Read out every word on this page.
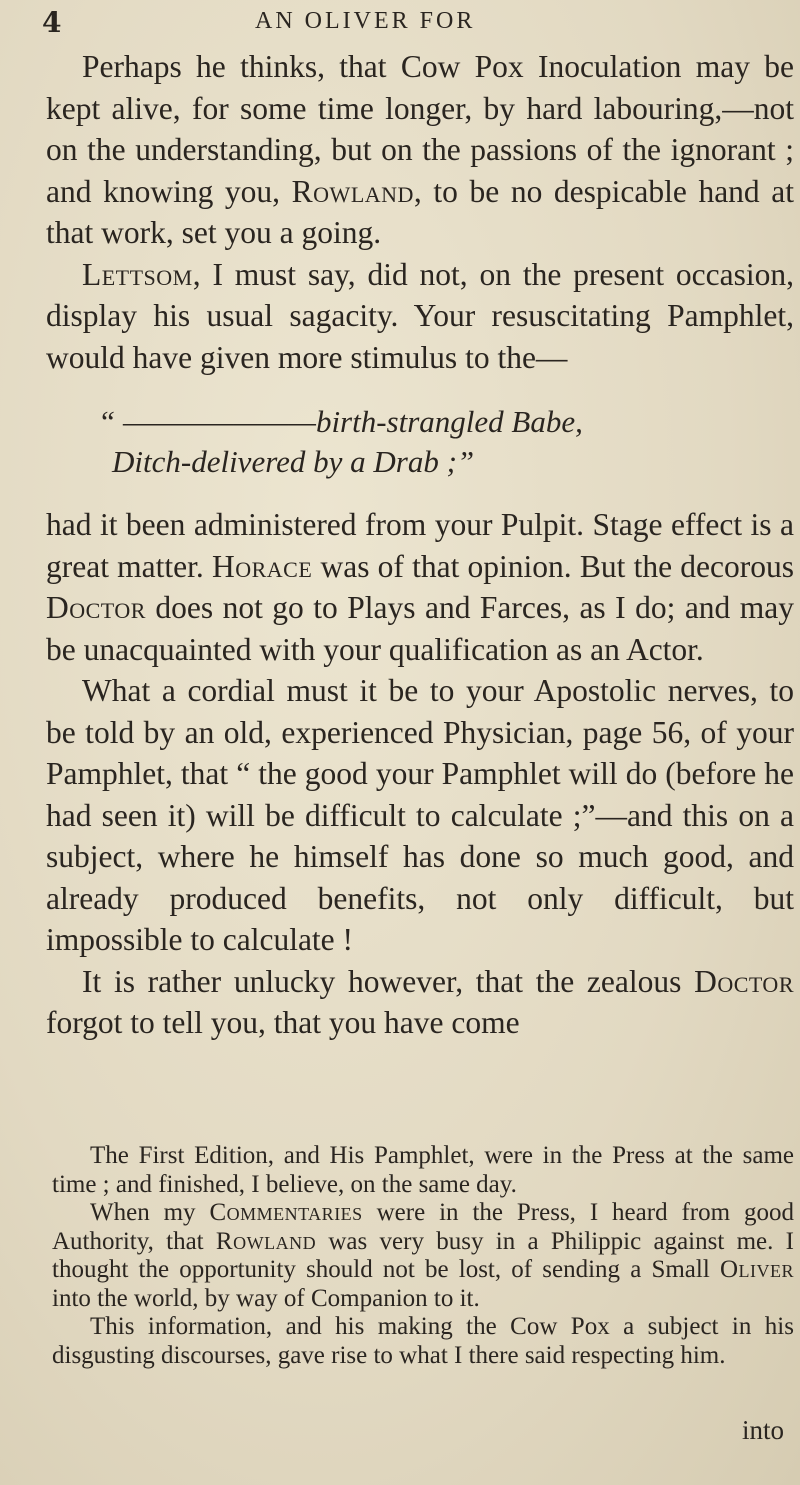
4	AN OLIVER FOR

Perhaps he thinks, that Cow Pox Inoculation may be kept alive, for some time longer, by hard labouring,—not on the understanding, but on the passions of the ignorant ; and knowing you, Rowland, to be no despicable hand at that work, set you a going.

Lettsom, I must say, did not, on the present occasion, display his usual sagacity. Your resuscitating Pamphlet, would have given more stimulus to the—

“ ———————birth-strangled Babe,
Ditch-delivered by a Drab ;”

had it been administered from your Pulpit. Stage effect is a great matter. Horace was of that opinion. But the decorous Doctor does not go to Plays and Farces, as I do; and may be unacquainted with your qualification as an Actor.

What a cordial must it be to your Apostolic nerves, to be told by an old, experienced Physician, page 56, of your Pamphlet, that “ the good your Pamphlet will do (before he had seen it) will be difficult to calculate ;”—and this on a subject, where he himself has done so much good, and already produced benefits, not only difficult, but impossible to calculate !

It is rather unlucky however, that the zealous Doctor forgot to tell you, that you have come

The First Edition, and His Pamphlet, were in the Press at the same time ; and finished, I believe, on the same day.

When my Commentaries were in the Press, I heard from good Authority, that Rowland was very busy in a Philippic against me. I thought the opportunity should not be lost, of sending a Small Oliver into the world, by way of Companion to it.

This information, and his making the Cow Pox a subject in his disgusting discourses, gave rise to what I there said respecting him.

into
